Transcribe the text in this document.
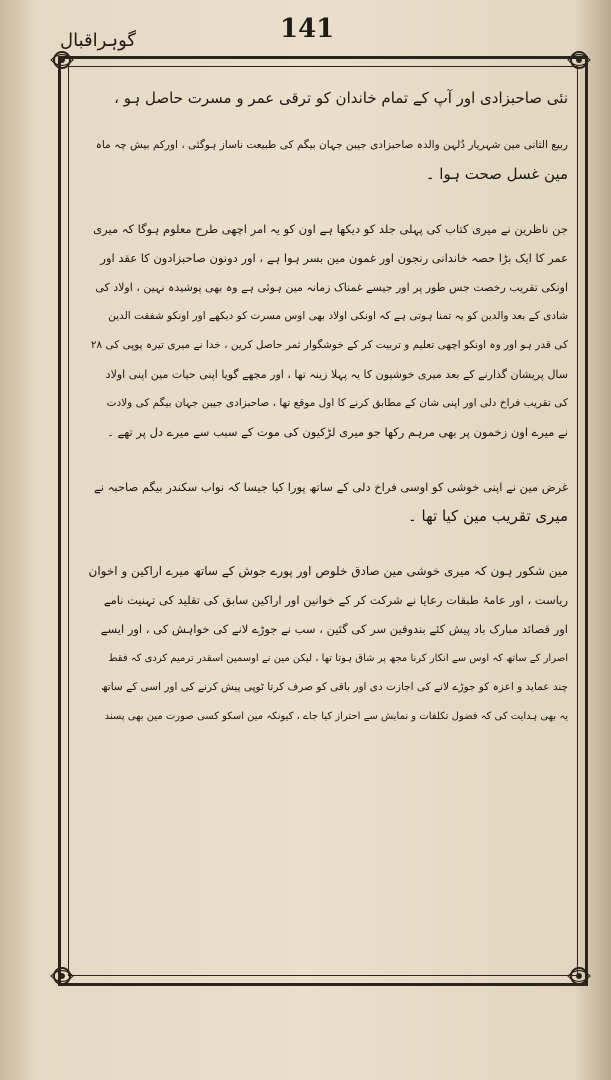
141
گوہراقبال
نئی صاحبزادی اور آپ کے تمام خاندان کو ترقی عمر و مسرت حاصل ہو ،
ربیع الثانی مین شہریار دُلہن والدہ صاحبزادی جیبن جہان بیگم کی طبیعت ناساز ہوگئی ، اورکم بیش چہ ماہ
مین غسل صحت ہوا ۔
جن ناظرین نے میری کتاب کی پہلی جلد کو دیکھا ہے اون کو یہ امر اچھی طرح معلوم ہوگا کہ میری
عمر کا ایک بڑا حصہ خاندانی رنجون اور غمون مین بسر ہوا ہے ، اور دونون صاحبزادون کا عقد اور
اونکی تقریب رخصت جس طور پر اور جیسے غمناک زمانہ مین ہوئی ہے وہ بھی پوشیدہ نہین ، اولاد کی
شادی کے بعد والدین کو یہ تمنا ہوتی ہے کہ اونکی اولاد بھی اوس مسرت کو دیکھے اور اونکو شفقت الدین
کی قدر ہو اور وہ اونکو اچھی تعلیم و تربیت کر کے خوشگوار ثمر حاصل کرین ، خدا نے میری تیرہ پوپی کی ۲۸
سال پریشان گذارنے کے بعد میری خوشیون کا یہ پہلا زینہ تھا ، اور مجھے گویا اپنی حیات مین اپنی اولاد
کی تقریب فراخ دلی اور اپنی شان کے مطابق کرنے کا اول موقع تھا ، صاحبزادی جیبن جہان بیگم کی ولادت
نے میرے اون زخمون پر بھی مرہم رکھا جو میری لڑکیون کی موت کے سبب سے میرے دل پر تھے ۔
غرض مین نے اپنی خوشی کو اوسی فراخ دلی کے ساتھ پورا کیا جیسا کہ نواب سکندر بیگم صاحبہ نے
میری تقریب مین کیا تھا ۔
مین شکور ہون کہ میری خوشی مین صادق خلوص اور پورے جوش کے ساتھ میرے اراکین و اخوان
ریاست ، اور عامۂ طبقات رعایا نے شرکت کر کے خوانین اور اراکین سابق کی تقلید کی تہنیت نامے
اور قصائد مبارک باد پیش کئے بندوقین سر کی گئین ، سب نے جوڑے لانے کی خواہش کی ، اور ایسے
اصرار کے ساتھ کہ اوس سے انکار کرنا مجھ پر شاق ہوتا تھا ، لیکن مین نے اوسمین اسقدر ترمیم کردی کہ فقط
چند عماید و اعزہ کو جوڑے لانے کی اجازت دی اور باقی کو صرف کرتا ٹوپی پیش کرنے کی اور اسی کے ساتھ
یہ بھی ہدایت کی کہ فضول تکلفات و نمایش سے احتراز کیا جاے ، کیونکہ مین اسکو کسی صورت مین بھی پسند
